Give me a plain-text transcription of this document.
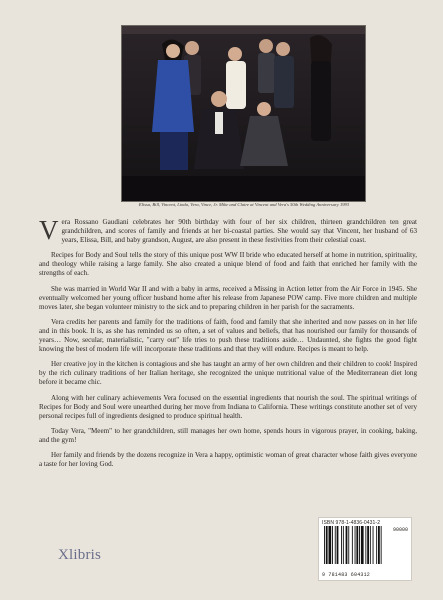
Elissa, Bill, Vincent, Linda, Vera, Vince, Jr. Mike and Claire at Vincent and Vera's 50th Wedding Anniversary 1993

Vera Rossano Gaudiani celebrates her 90th birthday with four of her six children, thirteen grandchildren ten great grandchildren, and scores of family and friends at her bi-coastal parties. She would say that Vincent, her husband of 63 years, Elissa, Bill, and baby grandson, August, are also present in these festivities from their celestial coast.

Recipes for Body and Soul tells the story of this unique post WW II bride who educated herself at home in nutrition, spirituality, and theology while raising a large family. She also created a unique blend of food and faith that enriched her family with the strengths of each.

She was married in World War II and with a baby in arms, received a Missing in Action letter from the Air Force in 1945. She eventually welcomed her young officer husband home after his release from Japanese POW camp. Five more children and multiple moves later, she began volunteer ministry to the sick and to preparing children in her parish for the sacraments.

Vera credits her parents and family for the traditions of faith, food and family that she inherited and now passes on in her life and in this book. It is, as she has reminded us so often, a set of values and beliefs, that has nourished our family for thousands of years… Now, secular, materialistic, "carry out" life tries to push these traditions aside… Undaunted, she fights the good fight knowing the best of modern life will incorporate these traditions and that they will endure. Recipes is meant to help.

Her creative joy in the kitchen is contagious and she has taught an army of her own children and their children to cook! Inspired by the rich culinary traditions of her Italian heritage, she recognized the unique nutritional value of the Mediterranean diet long before it became chic.

Along with her culinary achievements Vera focused on the essential ingredients that nourish the soul. The spiritual writings of Recipes for Body and Soul were unearthed during her move from Indiana to California. These writings constitute another set of very personal recipes full of ingredients designed to produce spiritual health.

Today Vera, "Meem" to her grandchildren, still manages her own home, spends hours in vigorous prayer, in cooking, baking, and the gym!

Her family and friends by the dozens recognize in Vera a happy, optimistic woman of great character whose faith gives everyone a taste for her loving God.

Xlibris
ISBN 978-1-4836-0431-2
90000
9 781483 604312
